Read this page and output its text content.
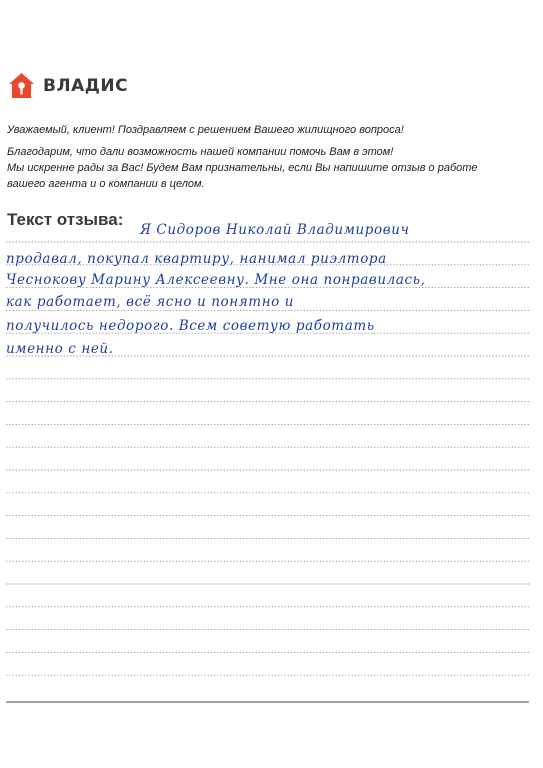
ВЛАДИС

Уважаемый, клиент! Поздравляем с решением Вашего жилищного вопроса!

Благодарим, что дали возможность нашей компании помочь Вам в этом!

Мы искренне рады за Вас! Будем Вам признательны, если Вы напишите отзыв о работе

вашего агента и о компании в целом.

Текст отзыва:
Я Сидоров Николай Владимирович
продавал, покупал квартиру, нанимал риэлтора
Чеснокову Марину Алексеевну. Мне она понравилась,
как работает, всё ясно и понятно и
получилось недорого. Всем советую работать
именно с ней.
